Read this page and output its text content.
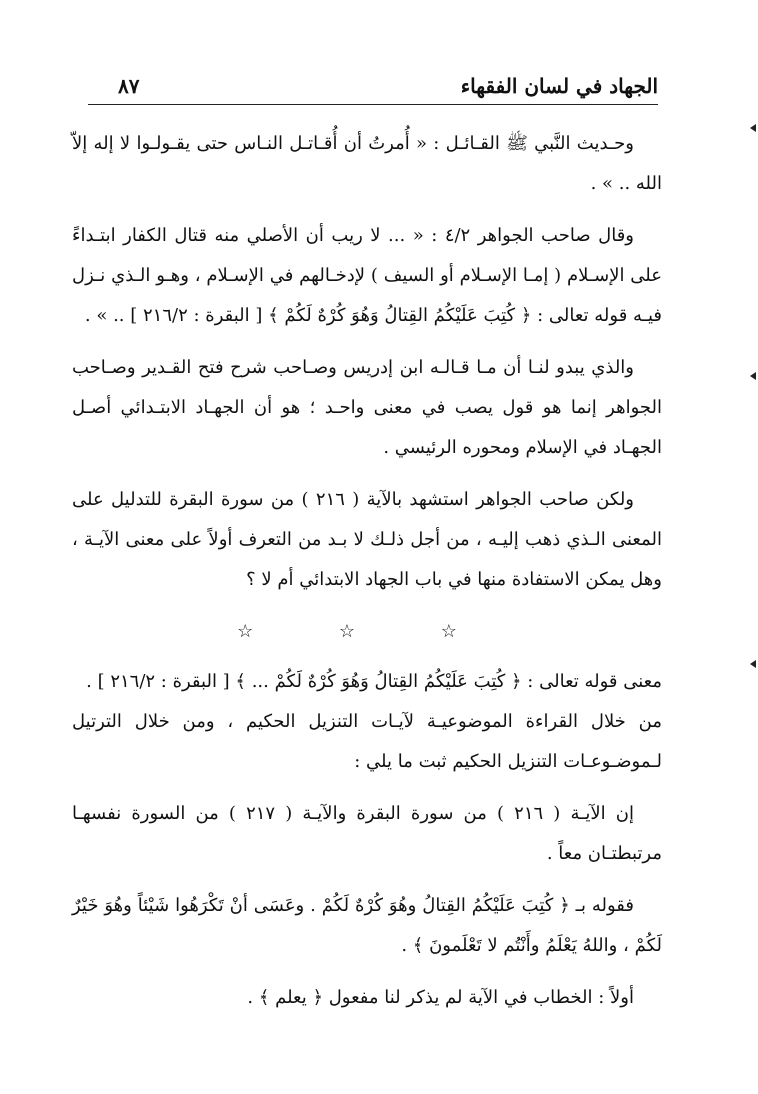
الجهاد في لسان الفقهاء
٨٧

وحـديث النَّبي ﷺ القـائـل : « أُمرتُ أن أُقـاتـل النـاس حتى يقـولـوا لا إله إلاّ الله .. » .

وقال صاحب الجواهر ٤/٢ : « ... لا ريب أن الأصلي منه قتال الكفار ابتـداءً على الإسـلام ( إمـا الإسـلام أو السيف ) لإدخـالهم في الإسـلام ، وهـو الـذي نـزل فيـه قوله تعالى : ﴿ كُتِبَ عَلَيْكُمُ القِتالُ وَهُوَ كُرْهٌ لَكُمْ ﴾ [ البقرة : ٢١٦/٢ ] .. » .

والذي يبدو لنـا أن مـا قـالـه ابن إدريس وصـاحب شرح فتح القـدير وصـاحب الجواهر إنما هو قول يصب في معنى واحـد ؛ هو أن الجهـاد الابتـدائي أصـل الجهـاد في الإسلام ومحوره الرئيسي .

ولكن صاحب الجواهر استشهد بالآية ( ٢١٦ ) من سورة البقرة للتدليل على المعنى الـذي ذهب إليـه ، من أجل ذلـك لا بـد من التعرف أولاً على معنى الآيـة ، وهل يمكن الاستفادة منها في باب الجهاد الابتدائي أم لا ؟

☆ ☆ ☆

معنى قوله تعالى : ﴿ كُتِبَ عَلَيْكُمُ القِتالُ وَهُوَ كُرْهٌ لَكُمْ ... ﴾ [ البقرة : ٢١٦/٢ ] .

من خلال القراءة الموضوعيـة لآيـات التنزيل الحكيم ، ومن خلال الترتيل لـموضـوعـات التنزيل الحكيم ثبت ما يلي :

إن الآيـة ( ٢١٦ ) من سورة البقرة والآيـة ( ٢١٧ ) من السورة نفسهـا مرتبطتـان معاً .

فقوله بـ ﴿ كُتِبَ عَلَيْكُمُ القِتالُ وهُوَ كُرْهٌ لَكُمْ . وعَسَى أنْ تَكْرَهُوا شَيْئاً وهُوَ خَيْرٌ لَكُمْ ، واللهُ يَعْلَمُ وأَنْتُم لا تَعْلَمونَ ﴾ .

أولاً : الخطاب في الآية لم يذكر لنا مفعول ﴿ يعلم ﴾ .
